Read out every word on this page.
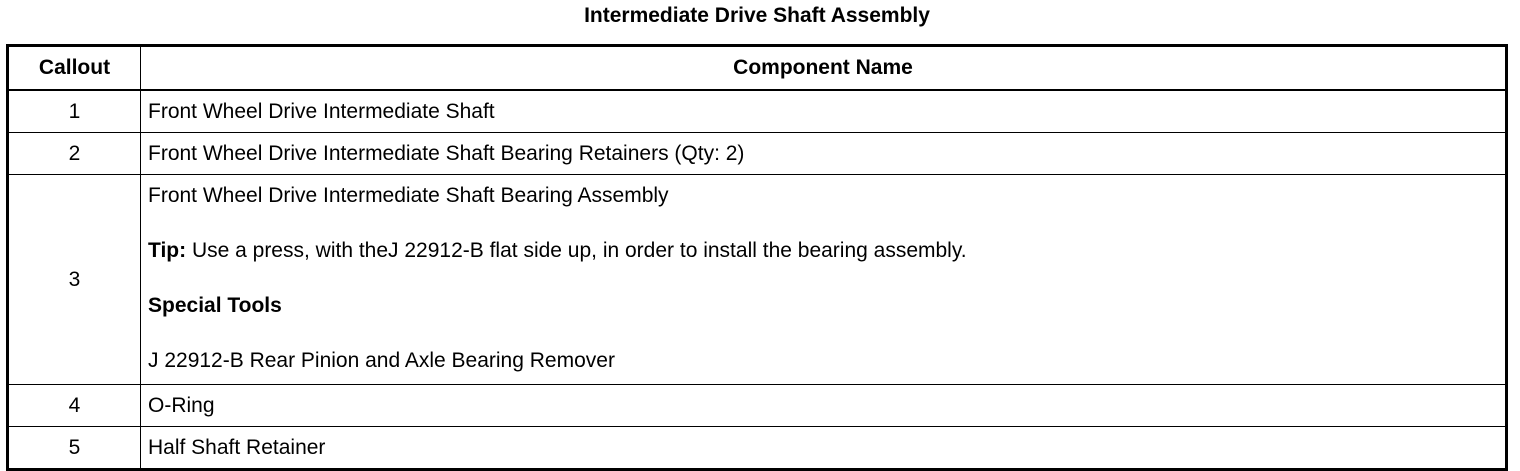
Intermediate Drive Shaft Assembly
Callout	Component Name
1	Front Wheel Drive Intermediate Shaft
2	Front Wheel Drive Intermediate Shaft Bearing Retainers (Qty: 2)
3	Front Wheel Drive Intermediate Shaft Bearing Assembly

Tip: Use a press, with theJ 22912-B flat side up, in order to install the bearing assembly.

Special Tools

J 22912-B Rear Pinion and Axle Bearing Remover

4	O-Ring
5	Half Shaft Retainer
